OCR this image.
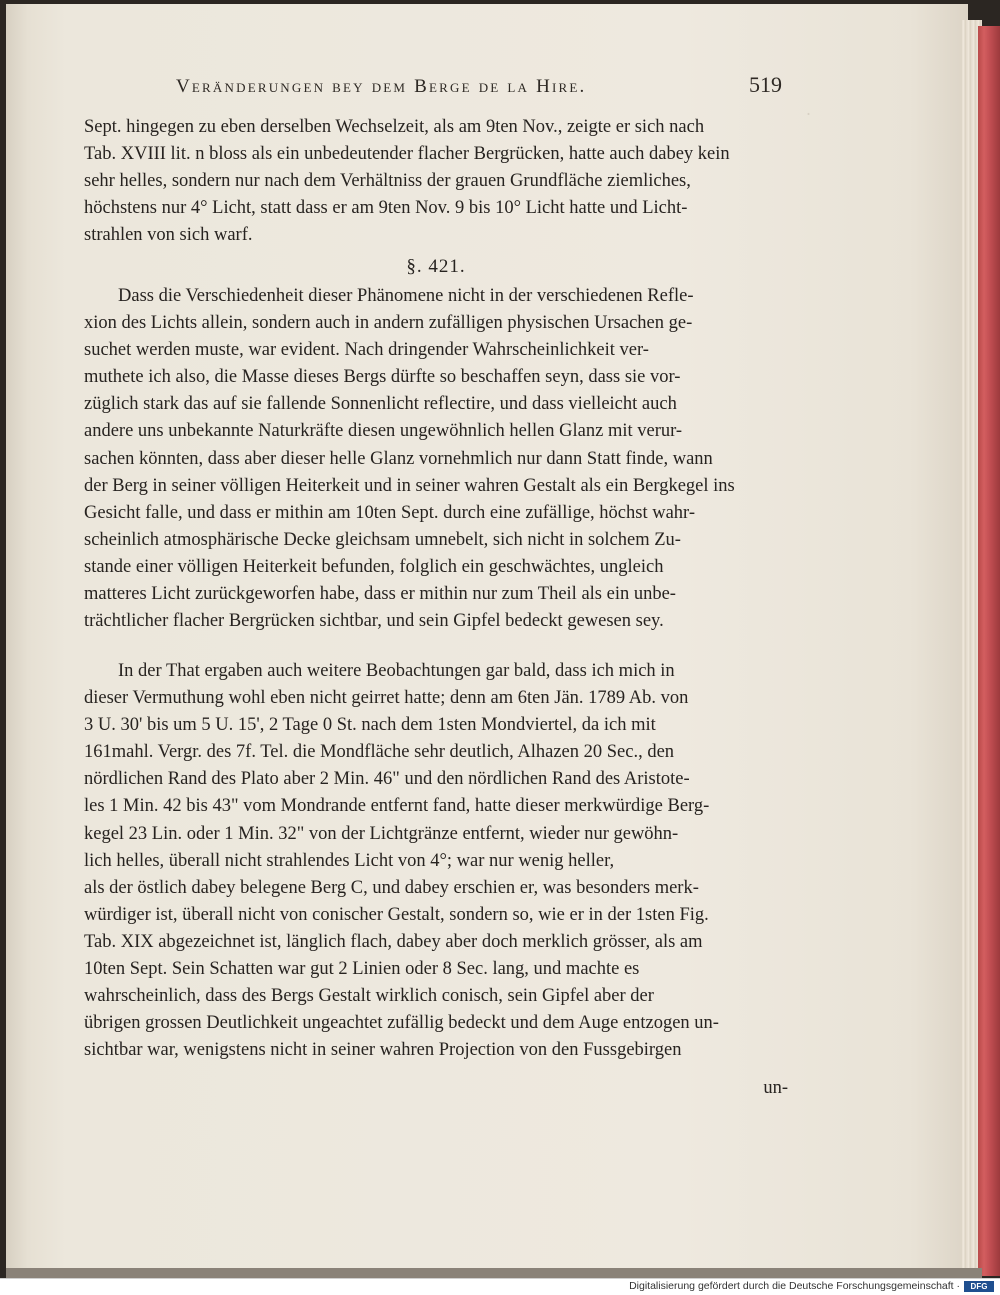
·
Veränderungen bey dem Berge de la Hire.	519

Sept. hingegen zu eben derselben Wechselzeit, als am 9ten Nov., zeigte er sich nach
Tab. XVIII lit. n bloss als ein unbedeutender flacher Bergrücken, hatte auch dabey kein
sehr helles, sondern nur nach dem Verhältniss der grauen Grundfläche ziemliches,
höchstens nur 4° Licht, statt dass er am 9ten Nov. 9 bis 10° Licht hatte und Licht-
strahlen von sich warf.

§. 421.

Dass die Verschiedenheit dieser Phänomene nicht in der verschiedenen Refle-
xion des Lichts allein, sondern auch in andern zufälligen physischen Ursachen ge-
suchet werden muste, war evident. Nach dringender Wahrscheinlichkeit ver-
muthete ich also, die Masse dieses Bergs dürfte so beschaffen seyn, dass sie vor-
züglich stark das auf sie fallende Sonnenlicht reflectire, und dass vielleicht auch
andere uns unbekannte Naturkräfte diesen ungewöhnlich hellen Glanz mit verur-
sachen könnten, dass aber dieser helle Glanz vornehmlich nur dann Statt finde, wann
der Berg in seiner völligen Heiterkeit und in seiner wahren Gestalt als ein Bergkegel ins
Gesicht falle, und dass er mithin am 10ten Sept. durch eine zufällige, höchst wahr-
scheinlich atmosphärische Decke gleichsam umnebelt, sich nicht in solchem Zu-
stande einer völligen Heiterkeit befunden, folglich ein geschwächtes, ungleich
matteres Licht zurückgeworfen habe, dass er mithin nur zum Theil als ein unbe-
trächtlicher flacher Bergrücken sichtbar, und sein Gipfel bedeckt gewesen sey.

In der That ergaben auch weitere Beobachtungen gar bald, dass ich mich in
dieser Vermuthung wohl eben nicht geirret hatte; denn am 6ten Jän. 1789 Ab. von
3 U. 30' bis um 5 U. 15', 2 Tage 0 St. nach dem 1sten Mondviertel, da ich mit
161mahl. Vergr. des 7f. Tel. die Mondfläche sehr deutlich, Alhazen 20 Sec., den
nördlichen Rand des Plato aber 2 Min. 46" und den nördlichen Rand des Aristote-
les 1 Min. 42 bis 43" vom Mondrande entfernt fand, hatte dieser merkwürdige Berg-
kegel 23 Lin. oder 1 Min. 32" von der Lichtgränze entfernt, wieder nur gewöhn-
lich helles, überall nicht strahlendes Licht von 4°; war nur wenig heller,
als der östlich dabey belegene Berg C, und dabey erschien er, was besonders merk-
würdiger ist, überall nicht von conischer Gestalt, sondern so, wie er in der 1sten Fig.
Tab. XIX abgezeichnet ist, länglich flach, dabey aber doch merklich grösser, als am
10ten Sept. Sein Schatten war gut 2 Linien oder 8 Sec. lang, und machte es
wahrscheinlich, dass des Bergs Gestalt wirklich conisch, sein Gipfel aber der
übrigen grossen Deutlichkeit ungeachtet zufällig bedeckt und dem Auge entzogen un-
sichtbar war, wenigstens nicht in seiner wahren Projection von den Fussgebirgen

un-
Digitalisierung gefördert durch die Deutsche Forschungsgemeinschaft ·	DFG
